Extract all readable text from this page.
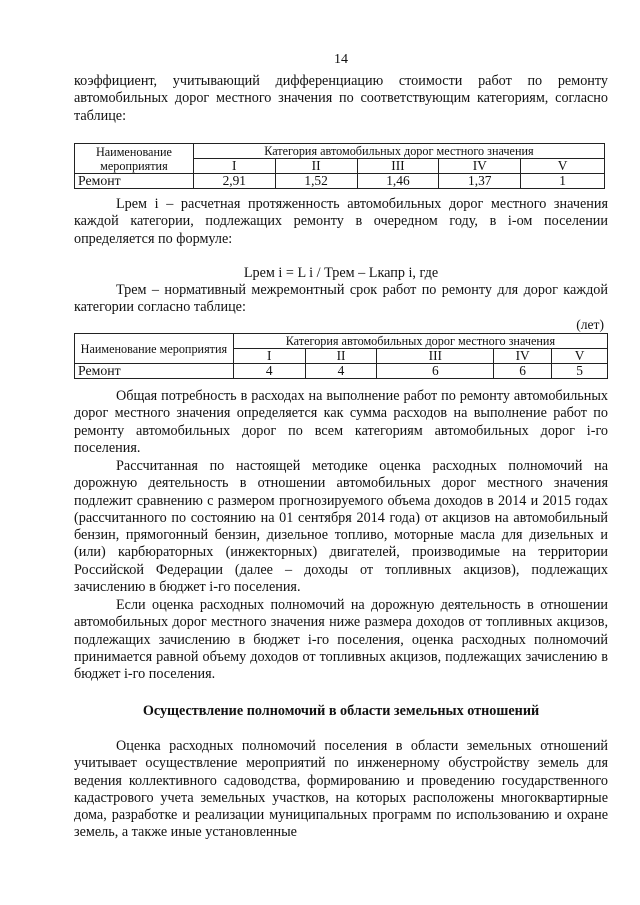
14

коэффициент, учитывающий дифференциацию стоимости работ по ремонту автомобильных дорог местного значения по соответствующим категориям, согласно таблице:

Наименование мероприятия	Категория автомобильных дорог местного значения				
	I	II	III	IV	V
Ремонт	2,91	1,52	1,46	1,37	1

Lрем i – расчетная протяженность автомобильных дорог местного значения каждой категории, подлежащих ремонту в очередном году, в i-ом поселении определяется по формуле:

Lрем i = L i / Трем – Lкапр i, где

Трем – нормативный межремонтный срок работ по ремонту для дорог каждой категории согласно таблице:

(лет)
Наименование мероприятия	Категория автомобильных дорог местного значения				
	I	II	III	IV	V
Ремонт	4	4	6	6	5

Общая потребность в расходах на выполнение работ по ремонту автомобильных дорог местного значения определяется как сумма расходов на выполнение работ по ремонту автомобильных дорог по всем категориям автомобильных дорог i-го поселения.

Рассчитанная по настоящей методике оценка расходных полномочий на дорожную деятельность в отношении автомобильных дорог местного значения подлежит сравнению с размером прогнозируемого объема доходов в 2014 и 2015 годах (рассчитанного по состоянию на 01 сентября 2014 года) от акцизов на автомобильный бензин, прямогонный бензин, дизельное топливо, моторные масла для дизельных и (или) карбюраторных (инжекторных) двигателей, производимые на территории Российской Федерации (далее – доходы от топливных акцизов), подлежащих зачислению в бюджет i-го поселения.

Если оценка расходных полномочий на дорожную деятельность в отношении автомобильных дорог местного значения ниже размера доходов от топливных акцизов, подлежащих зачислению в бюджет i-го поселения, оценка расходных полномочий принимается равной объему доходов от топливных акцизов, подлежащих зачислению в бюджет i-го поселения.

Осуществление полномочий в области земельных отношений

Оценка расходных полномочий поселения в области земельных отношений учитывает осуществление мероприятий по инженерному обустройству земель для ведения коллективного садоводства, формированию и проведению государственного кадастрового учета земельных участков, на которых расположены многоквартирные дома, разработке и реализации муниципальных программ по использованию и охране земель, а также иные установленные
